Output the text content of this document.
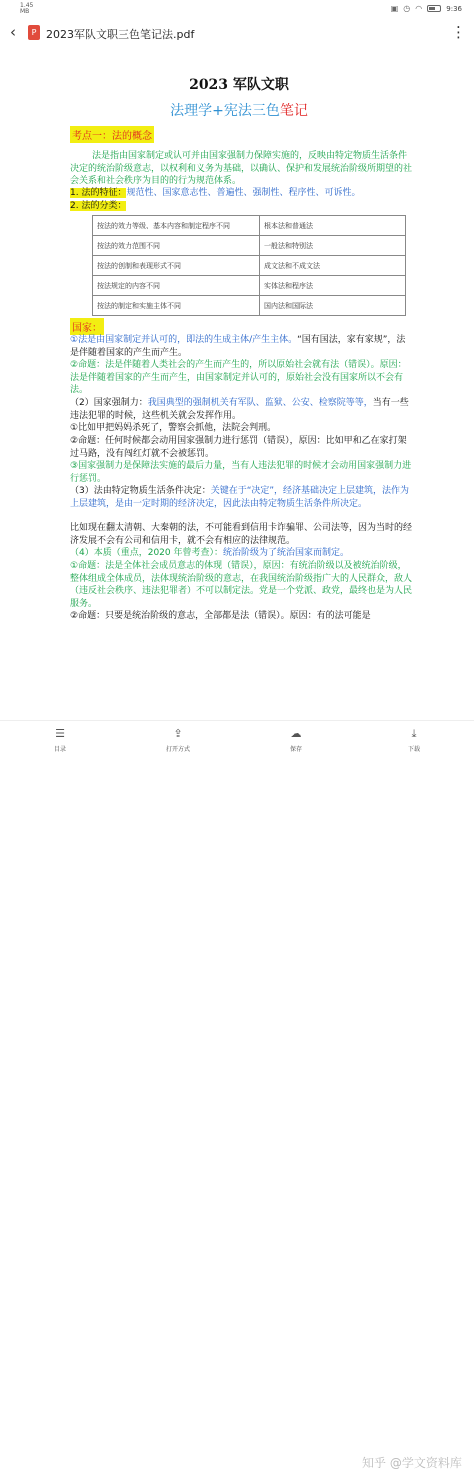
1.45
MB	▣ ◷ ◠	9:36
‹	P 2023军队文职三色笔记法.pdf	⋮
2023 军队文职
法理学+宪法三色笔记
考点一：法的概念
法是指由国家制定或认可并由国家强制力保障实施的，反映由特定物质生活条件决定的统治阶级意志，以权利和义务为基础，以确认、保护和发展统治阶级所期望的社会关系和社会秩序为目的的行为规范体系。
1. 法的特征：规范性、国家意志性、普遍性、强制性、程序性、可诉性。
2. 法的分类：
按法的效力等级、基本内容和制定程序不同	根本法和普通法
按法的效力范围不同	一般法和特别法
按法的创制和表现形式不同	成文法和不成文法
按法规定的内容不同	实体法和程序法
按法的制定和实施主体不同	国内法和国际法
国家：
①法是由国家制定并认可的，即法的生成主体/产生主体。“国有国法，家有家规”，法是伴随着国家的产生而产生。
②命题：法是伴随着人类社会的产生而产生的，所以原始社会就有法（错误）。原因：法是伴随着国家的产生而产生，由国家制定并认可的，原始社会没有国家所以不会有法。
（2）国家强制力：我国典型的强制机关有军队、监狱、公安、检察院等等，当有一些违法犯罪的时候，这些机关就会发挥作用。
①比如甲把妈妈杀死了，警察会抓他，法院会判刑。
②命题：任何时候都会动用国家强制力进行惩罚（错误），原因：比如甲和乙在家打架过马路，没有闯红灯就不会被惩罚。
③国家强制力是保障法实施的最后力量，当有人违法犯罪的时候才会动用国家强制力进行惩罚。
（3）法由特定物质生活条件决定：关键在于“决定”，经济基础决定上层建筑，法作为上层建筑，是由一定时期的经济决定，因此法由特定物质生活条件所决定。
比如现在翻太清朝、大秦朝的法，不可能看到信用卡诈骗罪、公司法等，因为当时的经济发展不会有公司和信用卡，就不会有相应的法律规范。
（4）本质（重点，2020 年曾考查）：统治阶级为了统治国家而制定。
①命题：法是全体社会成员意志的体现（错误），原因：有统治阶级以及被统治阶级，整体组成全体成员，法体现统治阶级的意志，在我国统治阶级指广大的人民群众，敌人（违反社会秩序、违法犯罪者）不可以制定法。党是一个党派、政党，最终也是为人民服务。
②命题：只要是统治阶级的意志，全部都是法（错误）。原因：有的法可能是
☰
目录
⇪
打开方式
☁
保存
⤓
下载
知乎 @学文资料库
